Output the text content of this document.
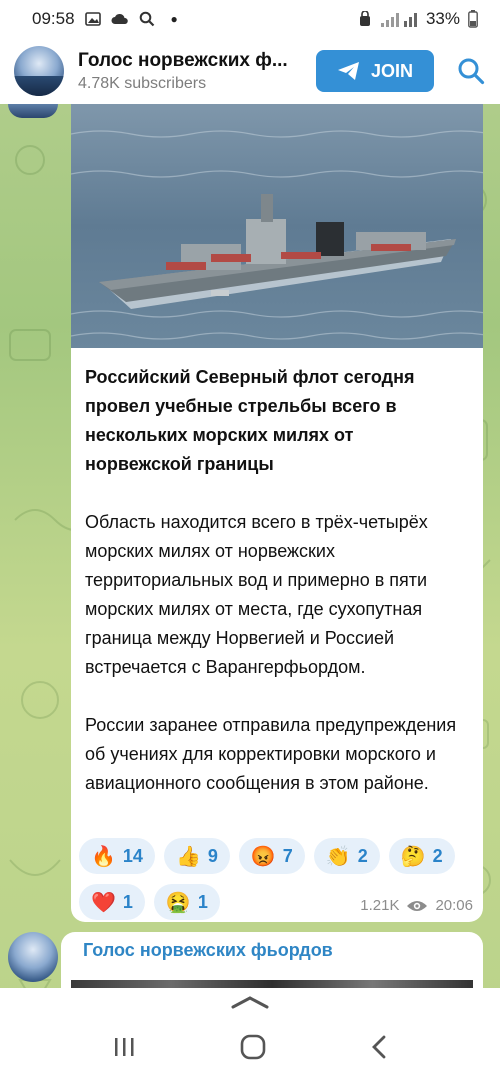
09:58	●	33%
Голос норвежских ф...
4.78K subscribers
JOIN
Российский Северный флот сегодня провел учебные стрельбы всего в нескольких морских милях от норвежской границы
Область находится всего в трёх-четырёх морских милях от норвежских территориальных вод и примерно в пяти морских милях от места, где сухопутная граница между Норвегией и Россией встречается с Варангерфьордом.
России заранее отправила предупреждения об учениях для корректировки морского и авиационного сообщения в этом районе.
🔥 14 👍 9 😡 7 👏 2 🤔 2
❤️ 1 🤮 1	1.21K 20:06
Голос норвежских фьордов
